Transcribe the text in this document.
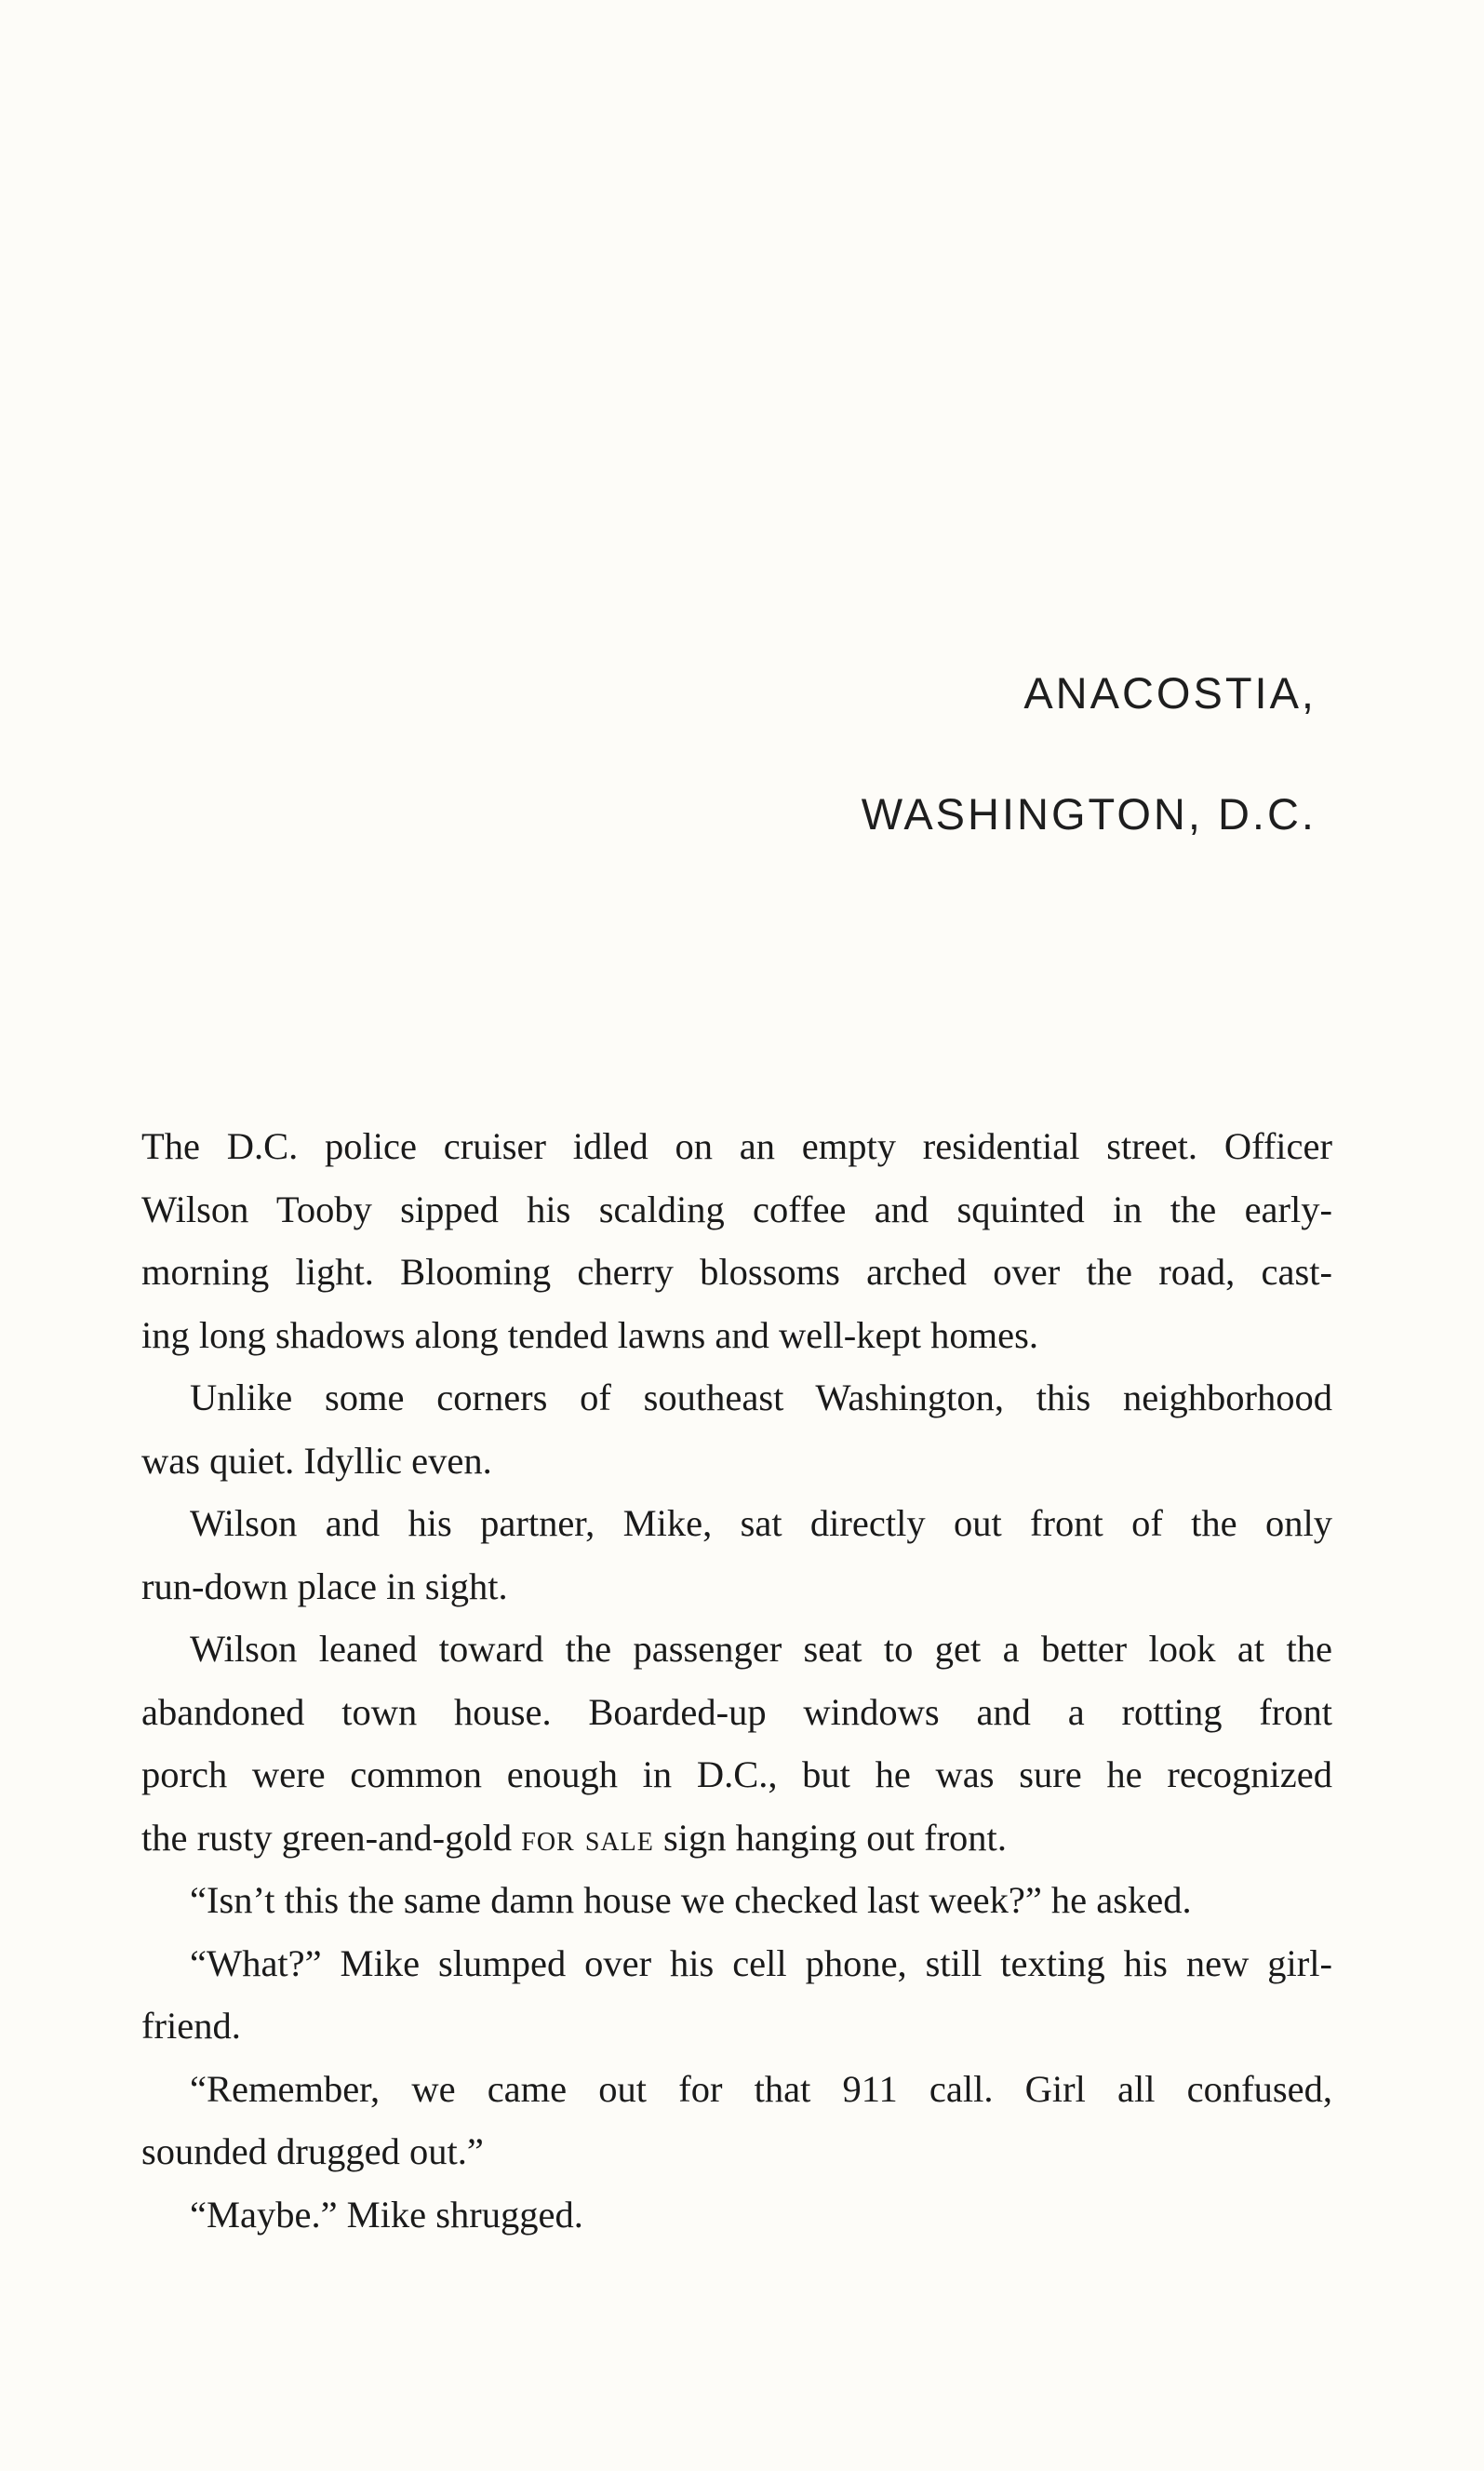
ANACOSTIA,
WASHINGTON, D.C.
The D.C. police cruiser idled on an empty residential street. Officer
Wilson Tooby sipped his scalding coffee and squinted in the early-
morning light. Blooming cherry blossoms arched over the road, cast-
ing long shadows along tended lawns and well-kept homes.
Unlike some corners of southeast Washington, this neighborhood
was quiet. Idyllic even.
Wilson and his partner, Mike, sat directly out front of the only
run-down place in sight.
Wilson leaned toward the passenger seat to get a better look at the
abandoned town house. Boarded-up windows and a rotting front
porch were common enough in D.C., but he was sure he recognized
the rusty green-and-gold for sale sign hanging out front.
“Isn’t this the same damn house we checked last week?” he asked.
“What?” Mike slumped over his cell phone, still texting his new girl-
friend.
“Remember, we came out for that 911 call. Girl all confused,
sounded drugged out.”
“Maybe.” Mike shrugged.
